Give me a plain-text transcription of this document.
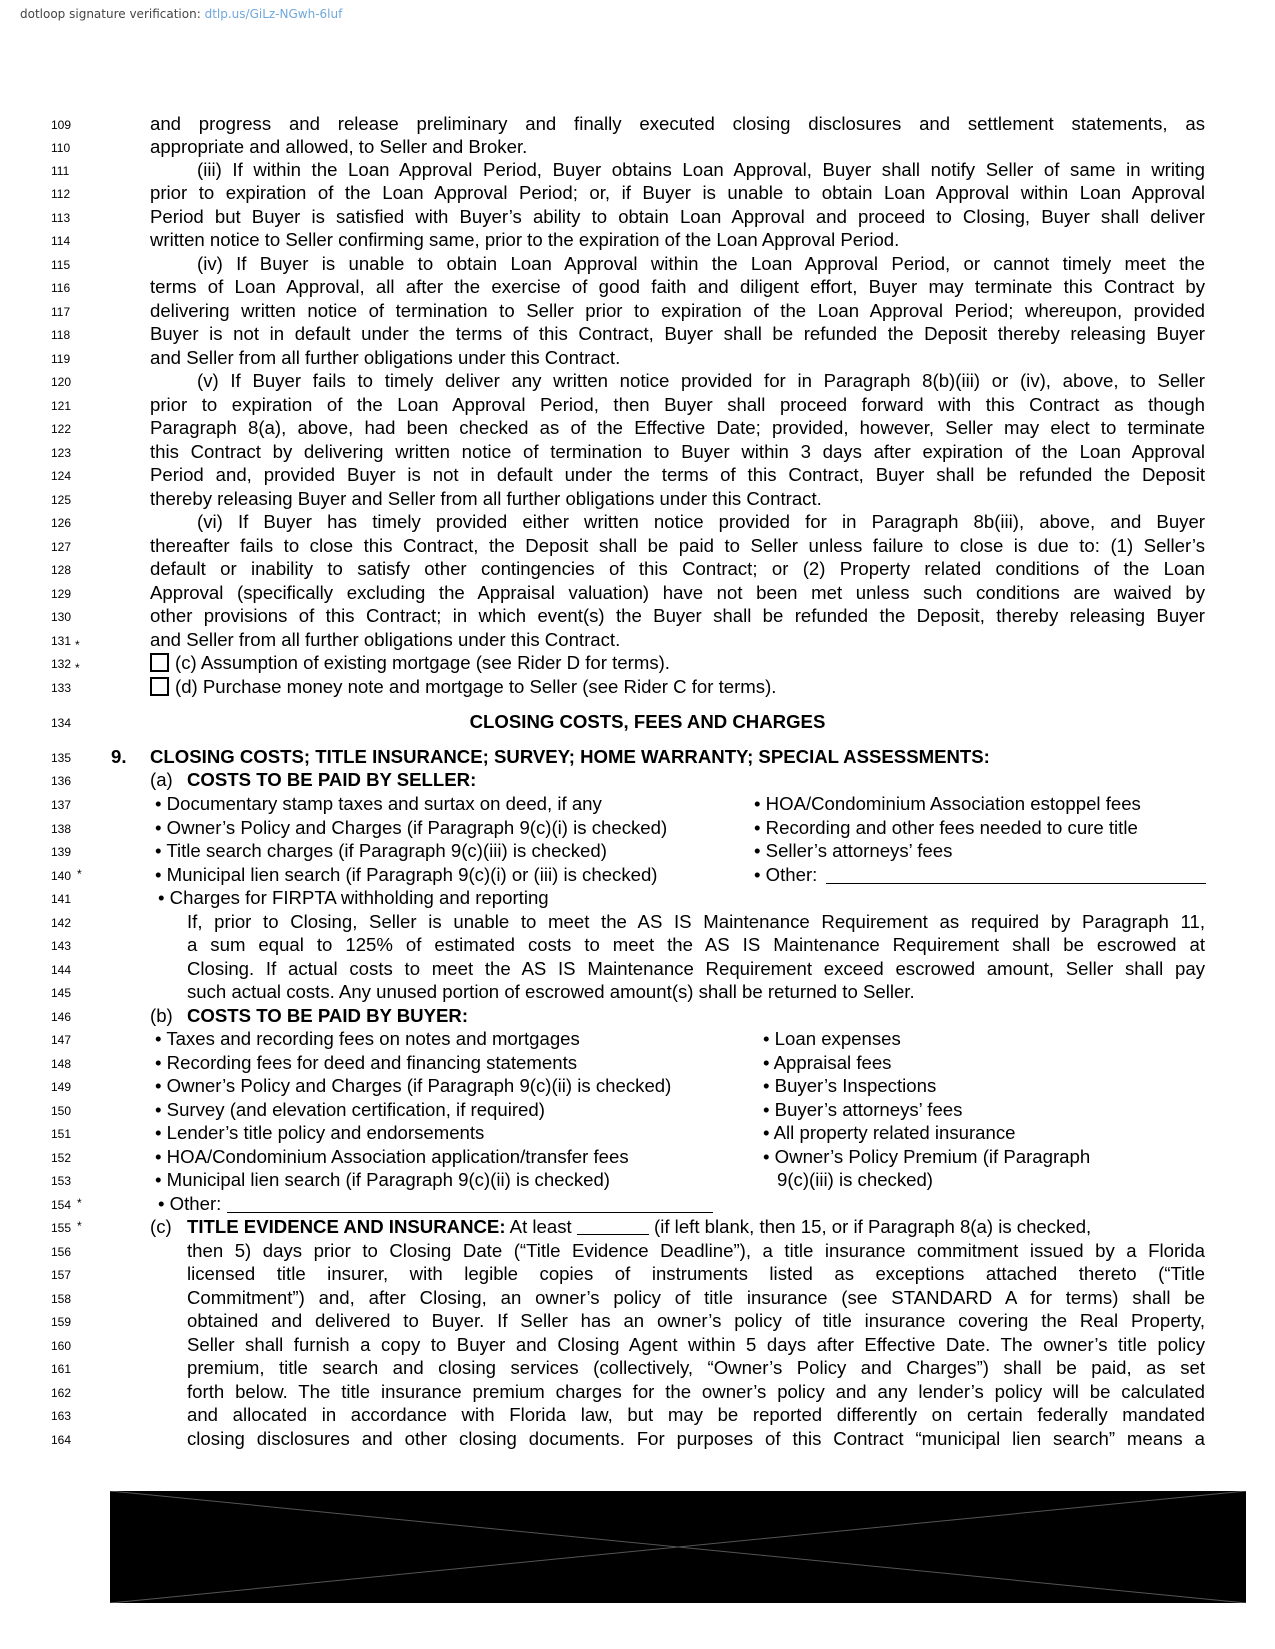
dotloop signature verification: dtlp.us/GiLz-NGwh-6luf
109	and progress and release preliminary and finally executed closing disclosures and settlement statements, as
110	appropriate and allowed, to Seller and Broker.
111	(iii) If within the Loan Approval Period, Buyer obtains Loan Approval, Buyer shall notify Seller of same in writing
112	prior to expiration of the Loan Approval Period; or, if Buyer is unable to obtain Loan Approval within Loan Approval
113	Period but Buyer is satisfied with Buyer’s ability to obtain Loan Approval and proceed to Closing, Buyer shall deliver
114	written notice to Seller confirming same, prior to the expiration of the Loan Approval Period.
115	(iv) If Buyer is unable to obtain Loan Approval within the Loan Approval Period, or cannot timely meet the
116	terms of Loan Approval, all after the exercise of good faith and diligent effort, Buyer may terminate this Contract by
117	delivering written notice of termination to Seller prior to expiration of the Loan Approval Period; whereupon, provided
118	Buyer is not in default under the terms of this Contract, Buyer shall be refunded the Deposit thereby releasing Buyer
119	and Seller from all further obligations under this Contract.
120	(v) If Buyer fails to timely deliver any written notice provided for in Paragraph 8(b)(iii) or (iv), above, to Seller
121	prior to expiration of the Loan Approval Period, then Buyer shall proceed forward with this Contract as though
122	Paragraph 8(a), above, had been checked as of the Effective Date; provided, however, Seller may elect to terminate
123	this Contract by delivering written notice of termination to Buyer within 3 days after expiration of the Loan Approval
124	Period and, provided Buyer is not in default under the terms of this Contract, Buyer shall be refunded the Deposit
125	thereby releasing Buyer and Seller from all further obligations under this Contract.
126	(vi) If Buyer has timely provided either written notice provided for in Paragraph 8b(iii), above, and Buyer
127	thereafter fails to close this Contract, the Deposit shall be paid to Seller unless failure to close is due to: (1) Seller’s
128	default or inability to satisfy other contingencies of this Contract; or (2) Property related conditions of the Loan
129	Approval (specifically excluding the Appraisal valuation) have not been met unless such conditions are waived by
130	other provisions of this Contract; in which event(s) the Buyer shall be refunded the Deposit, thereby releasing Buyer
131 *	and Seller from all further obligations under this Contract.
132 *	(c) Assumption of existing mortgage (see Rider D for terms).
133	(d) Purchase money note and mortgage to Seller (see Rider C for terms).
134	CLOSING COSTS, FEES AND CHARGES
135 9. CLOSING COSTS; TITLE INSURANCE; SURVEY; HOME WARRANTY; SPECIAL ASSESSMENTS:
136	(a) COSTS TO BE PAID BY SELLER:
137	• Documentary stamp taxes and surtax on deed, if any	• HOA/Condominium Association estoppel fees
138	• Owner’s Policy and Charges (if Paragraph 9(c)(i) is checked)	• Recording and other fees needed to cure title
139	• Title search charges (if Paragraph 9(c)(iii) is checked)	• Seller’s attorneys’ fees
140 *	• Municipal lien search (if Paragraph 9(c)(i) or (iii) is checked)	• Other:
141	• Charges for FIRPTA withholding and reporting
142	If, prior to Closing, Seller is unable to meet the AS IS Maintenance Requirement as required by Paragraph 11,
143	a sum equal to 125% of estimated costs to meet the AS IS Maintenance Requirement shall be escrowed at
144	Closing. If actual costs to meet the AS IS Maintenance Requirement exceed escrowed amount, Seller shall pay
145	such actual costs. Any unused portion of escrowed amount(s) shall be returned to Seller.
146	(b) COSTS TO BE PAID BY BUYER:
147	• Taxes and recording fees on notes and mortgages	• Loan expenses
148	• Recording fees for deed and financing statements	• Appraisal fees
149	• Owner’s Policy and Charges (if Paragraph 9(c)(ii) is checked)	• Buyer’s Inspections
150	• Survey (and elevation certification, if required)	• Buyer’s attorneys’ fees
151	• Lender’s title policy and endorsements	• All property related insurance
152	• HOA/Condominium Association application/transfer fees	• Owner’s Policy Premium (if Paragraph
153	• Municipal lien search (if Paragraph 9(c)(ii) is checked)	9(c)(iii) is checked)
154 *	• Other:
155 *	(c) TITLE EVIDENCE AND INSURANCE: At least	(if left blank, then 15, or if Paragraph 8(a) is checked,
156	then 5) days prior to Closing Date (“Title Evidence Deadline”), a title insurance commitment issued by a Florida
157	licensed title insurer, with legible copies of instruments listed as exceptions attached thereto (“Title
158	Commitment”) and, after Closing, an owner’s policy of title insurance (see STANDARD A for terms) shall be
159	obtained and delivered to Buyer. If Seller has an owner’s policy of title insurance covering the Real Property,
160	Seller shall furnish a copy to Buyer and Closing Agent within 5 days after Effective Date. The owner’s title policy
161	premium, title search and closing services (collectively, “Owner’s Policy and Charges”) shall be paid, as set
162	forth below. The title insurance premium charges for the owner’s policy and any lender’s policy will be calculated
163	and allocated in accordance with Florida law, but may be reported differently on certain federally mandated
164	closing disclosures and other closing documents. For purposes of this Contract “municipal lien search” means a
